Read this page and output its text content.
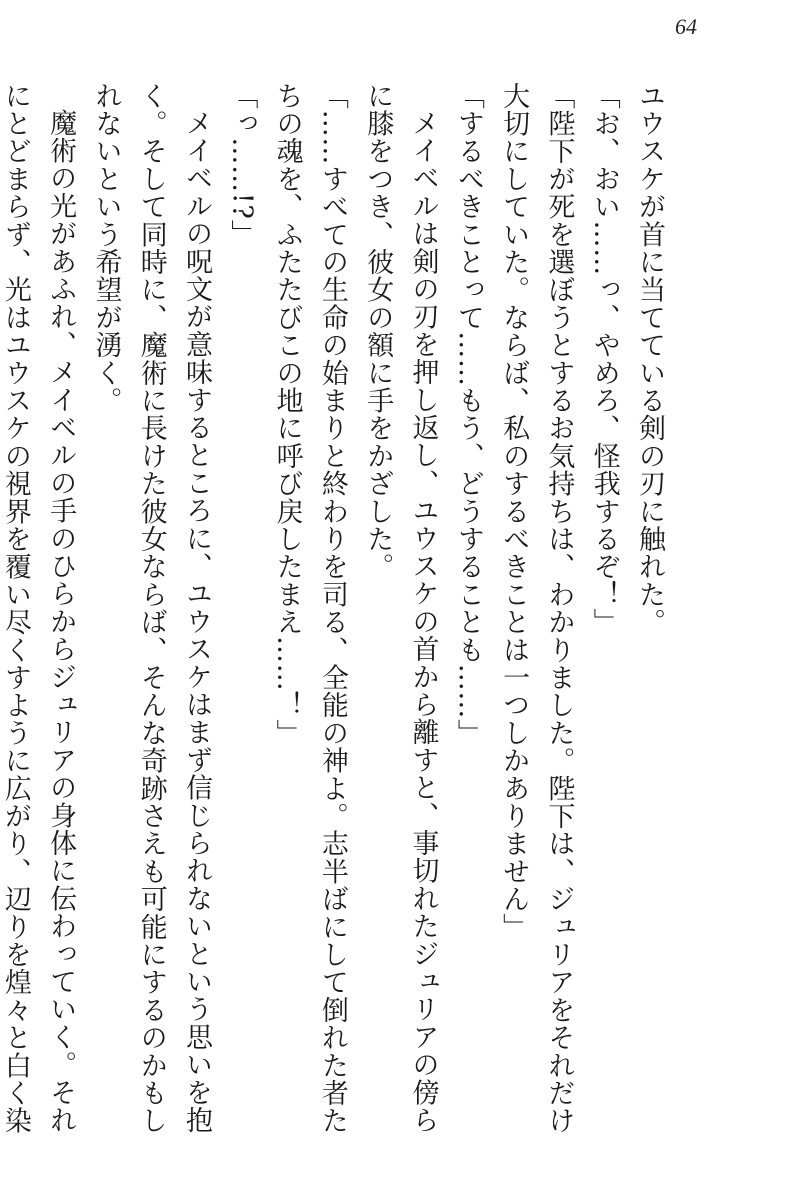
64
ユウスケが首に当てている剣の刃に触れた。
「お、おい……っ、やめろ、怪我するぞ！」
「陛下が死を選ぼうとするお気持ちは、わかりました。陛下は、ジュリアをそれだけ
大切にしていた。ならば、私のするべきことは一つしかありません」
「するべきことって……もう、どうすることも……」
メイベルは剣の刃を押し返し、ユウスケの首から離すと、事切れたジュリアの傍ら
に膝をつき、彼女の額に手をかざした。
「……すべての生命の始まりと終わりを司る、全能の神よ。志半ばにして倒れた者た
ちの魂を、ふたたびこの地に呼び戻したまえ……！」
「っ……!?」
メイベルの呪文が意味するところに、ユウスケはまず信じられないという思いを抱
く。そして同時に、魔術に長けた彼女ならば、そんな奇跡さえも可能にするのかもし
れないという希望が湧く。
魔術の光があふれ、メイベルの手のひらからジュリアの身体に伝わっていく。それ
にとどまらず、光はユウスケの視界を覆い尽くすように広がり、辺りを煌々と白く染
